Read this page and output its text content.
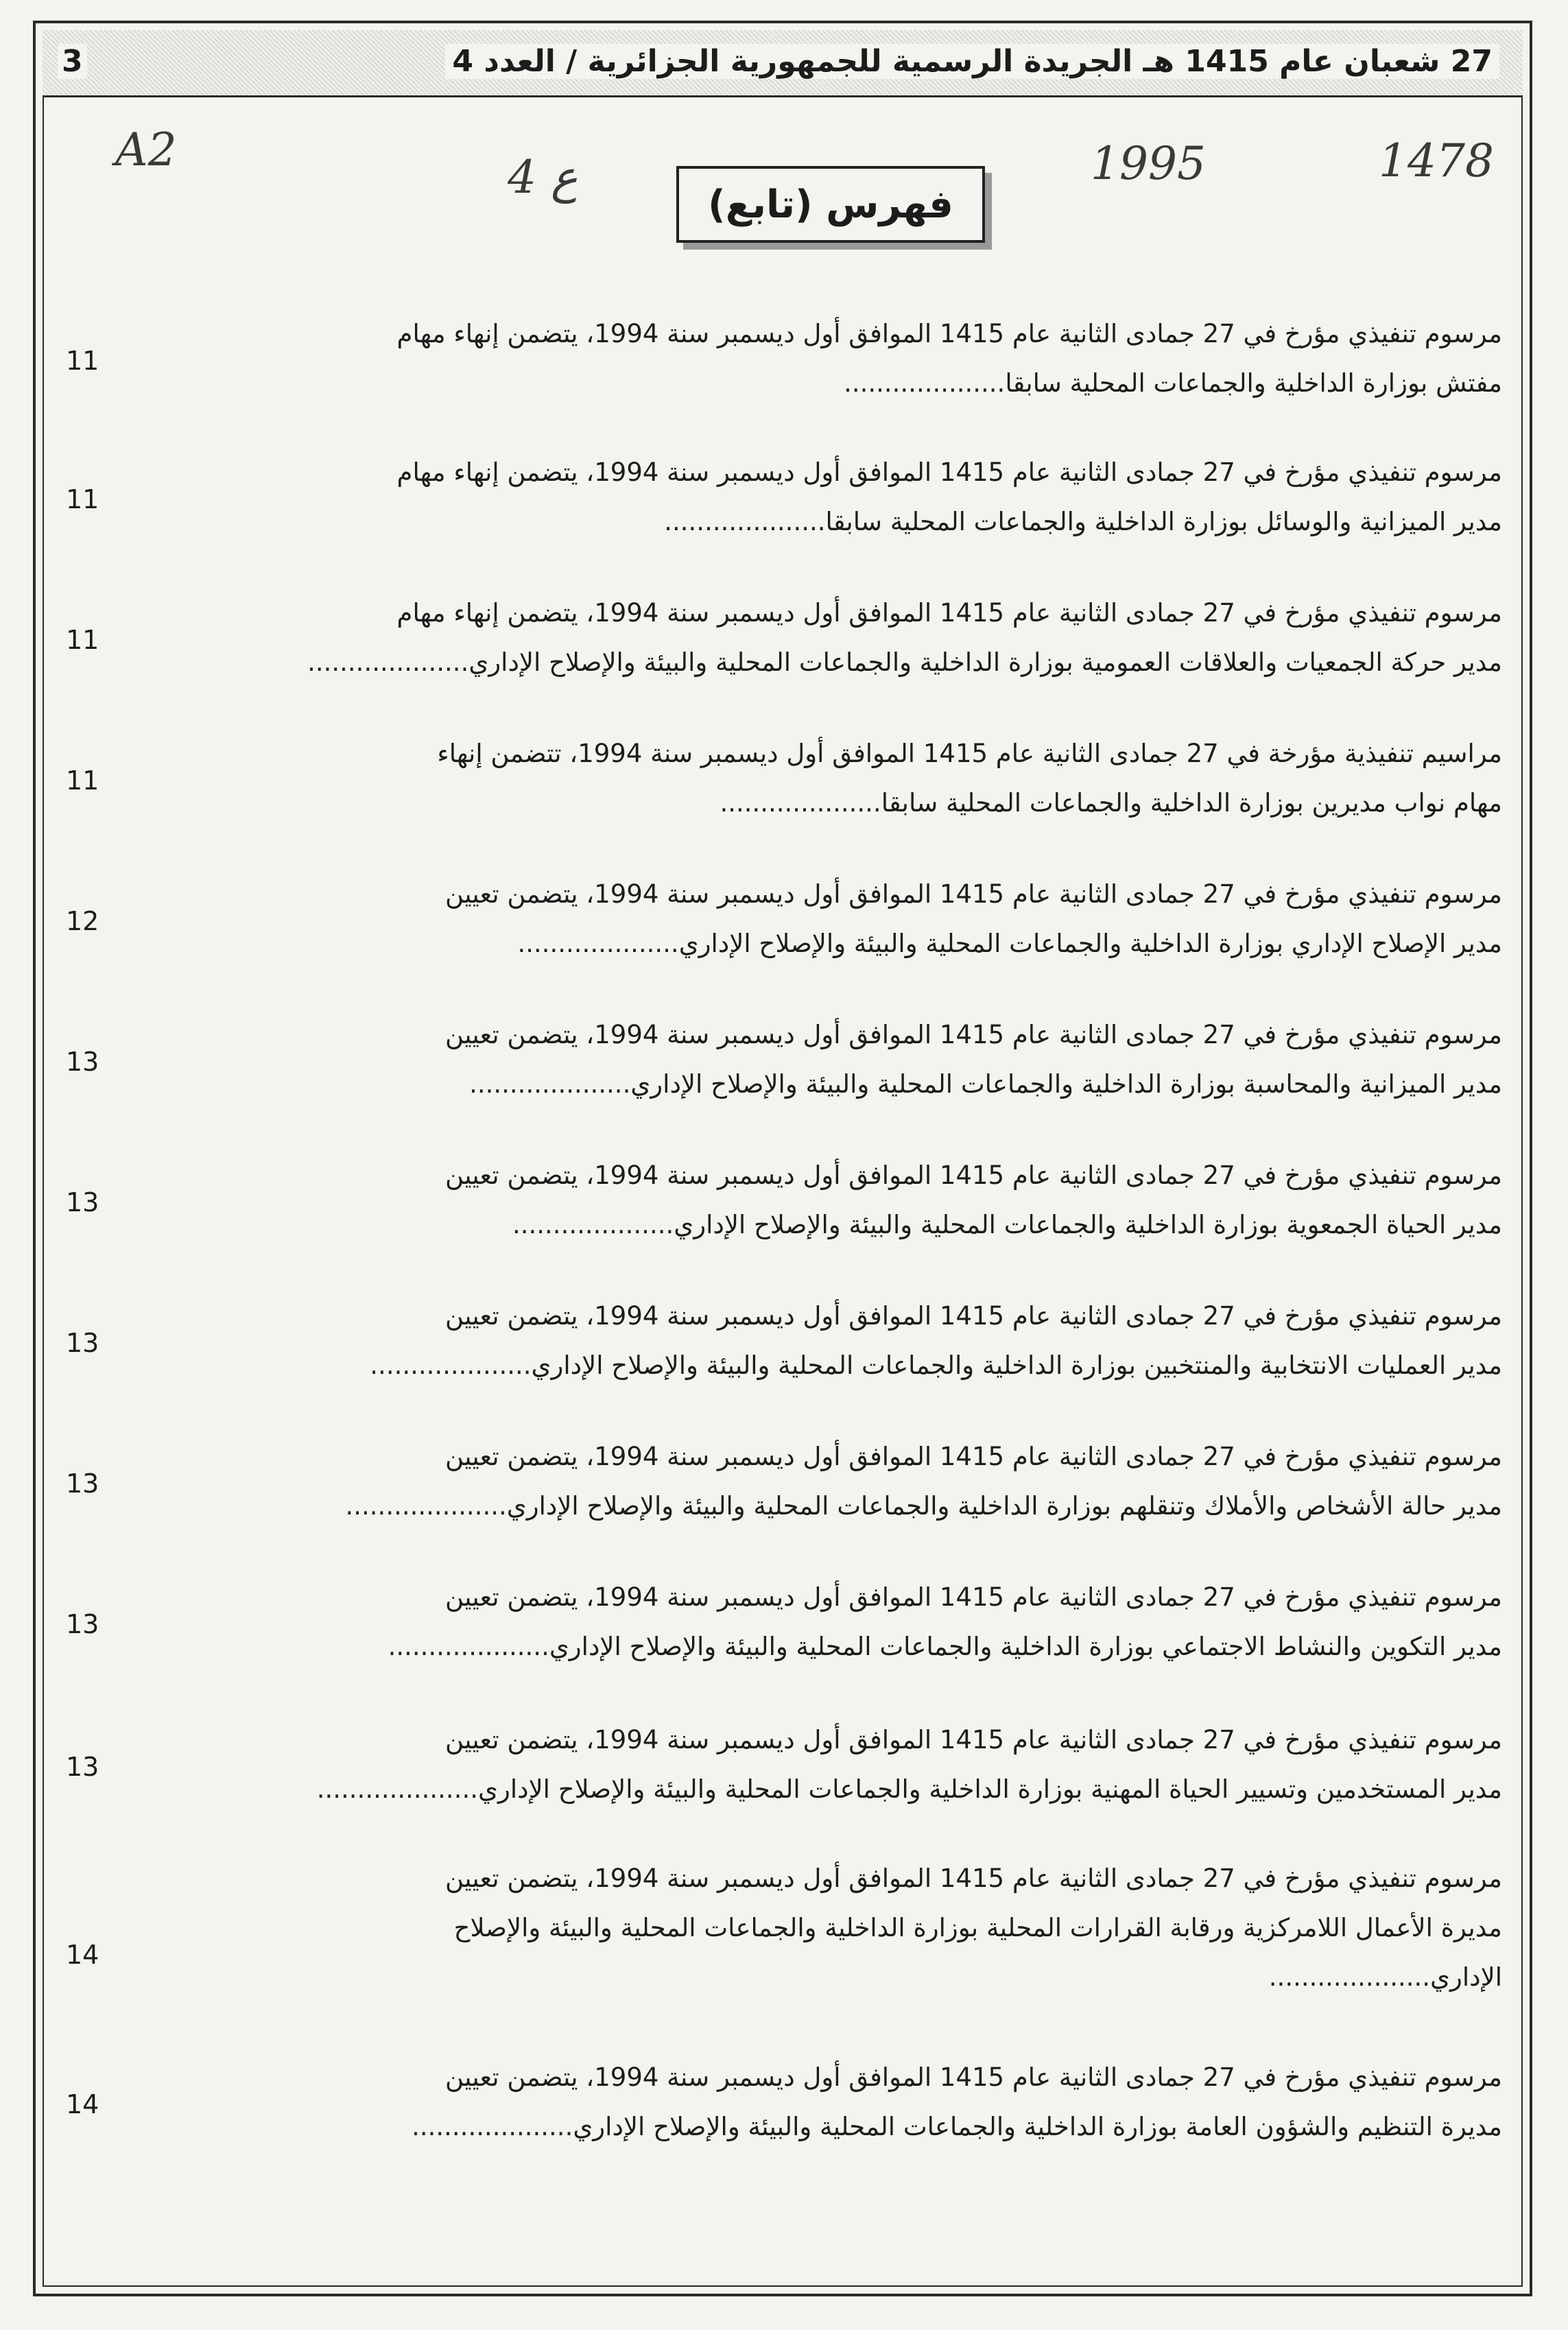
27 شعبان عام 1415 هـ الجريدة الرسمية للجمهورية الجزائرية / العدد 4
3
A2
ع 4	1995	1478
فهرس (تابع)
مرسوم تنفيذي مؤرخ في 27 جمادى الثانية عام 1415 الموافق أول ديسمبر سنة 1994، يتضمن إنهاء مهام
مفتش بوزارة الداخلية والجماعات المحلية سابقا....................
11
مرسوم تنفيذي مؤرخ في 27 جمادى الثانية عام 1415 الموافق أول ديسمبر سنة 1994، يتضمن إنهاء مهام
مدير الميزانية والوسائل بوزارة الداخلية والجماعات المحلية سابقا....................
11
مرسوم تنفيذي مؤرخ في 27 جمادى الثانية عام 1415 الموافق أول ديسمبر سنة 1994، يتضمن إنهاء مهام
مدير حركة الجمعيات والعلاقات العمومية بوزارة الداخلية والجماعات المحلية والبيئة والإصلاح الإداري....................
11
مراسيم تنفيذية مؤرخة في 27 جمادى الثانية عام 1415 الموافق أول ديسمبر سنة 1994، تتضمن إنهاء
مهام نواب مديرين بوزارة الداخلية والجماعات المحلية سابقا....................
11
مرسوم تنفيذي مؤرخ في 27 جمادى الثانية عام 1415 الموافق أول ديسمبر سنة 1994، يتضمن تعيين
مدير الإصلاح الإداري بوزارة الداخلية والجماعات المحلية والبيئة والإصلاح الإداري....................
12
مرسوم تنفيذي مؤرخ في 27 جمادى الثانية عام 1415 الموافق أول ديسمبر سنة 1994، يتضمن تعيين
مدير الميزانية والمحاسبة بوزارة الداخلية والجماعات المحلية والبيئة والإصلاح الإداري....................
13
مرسوم تنفيذي مؤرخ في 27 جمادى الثانية عام 1415 الموافق أول ديسمبر سنة 1994، يتضمن تعيين
مدير الحياة الجمعوية بوزارة الداخلية والجماعات المحلية والبيئة والإصلاح الإداري....................
13
مرسوم تنفيذي مؤرخ في 27 جمادى الثانية عام 1415 الموافق أول ديسمبر سنة 1994، يتضمن تعيين
مدير العمليات الانتخابية والمنتخبين بوزارة الداخلية والجماعات المحلية والبيئة والإصلاح الإداري....................
13
مرسوم تنفيذي مؤرخ في 27 جمادى الثانية عام 1415 الموافق أول ديسمبر سنة 1994، يتضمن تعيين
مدير حالة الأشخاص والأملاك وتنقلهم بوزارة الداخلية والجماعات المحلية والبيئة والإصلاح الإداري....................
13
مرسوم تنفيذي مؤرخ في 27 جمادى الثانية عام 1415 الموافق أول ديسمبر سنة 1994، يتضمن تعيين
مدير التكوين والنشاط الاجتماعي بوزارة الداخلية والجماعات المحلية والبيئة والإصلاح الإداري....................
13
مرسوم تنفيذي مؤرخ في 27 جمادى الثانية عام 1415 الموافق أول ديسمبر سنة 1994، يتضمن تعيين
مدير المستخدمين وتسيير الحياة المهنية بوزارة الداخلية والجماعات المحلية والبيئة والإصلاح الإداري....................
13
مرسوم تنفيذي مؤرخ في 27 جمادى الثانية عام 1415 الموافق أول ديسمبر سنة 1994، يتضمن تعيين
مديرة الأعمال اللامركزية ورقابة القرارات المحلية بوزارة الداخلية والجماعات المحلية والبيئة والإصلاح
الإداري....................
14
مرسوم تنفيذي مؤرخ في 27 جمادى الثانية عام 1415 الموافق أول ديسمبر سنة 1994، يتضمن تعيين
مديرة التنظيم والشؤون العامة بوزارة الداخلية والجماعات المحلية والبيئة والإصلاح الإداري....................
14
